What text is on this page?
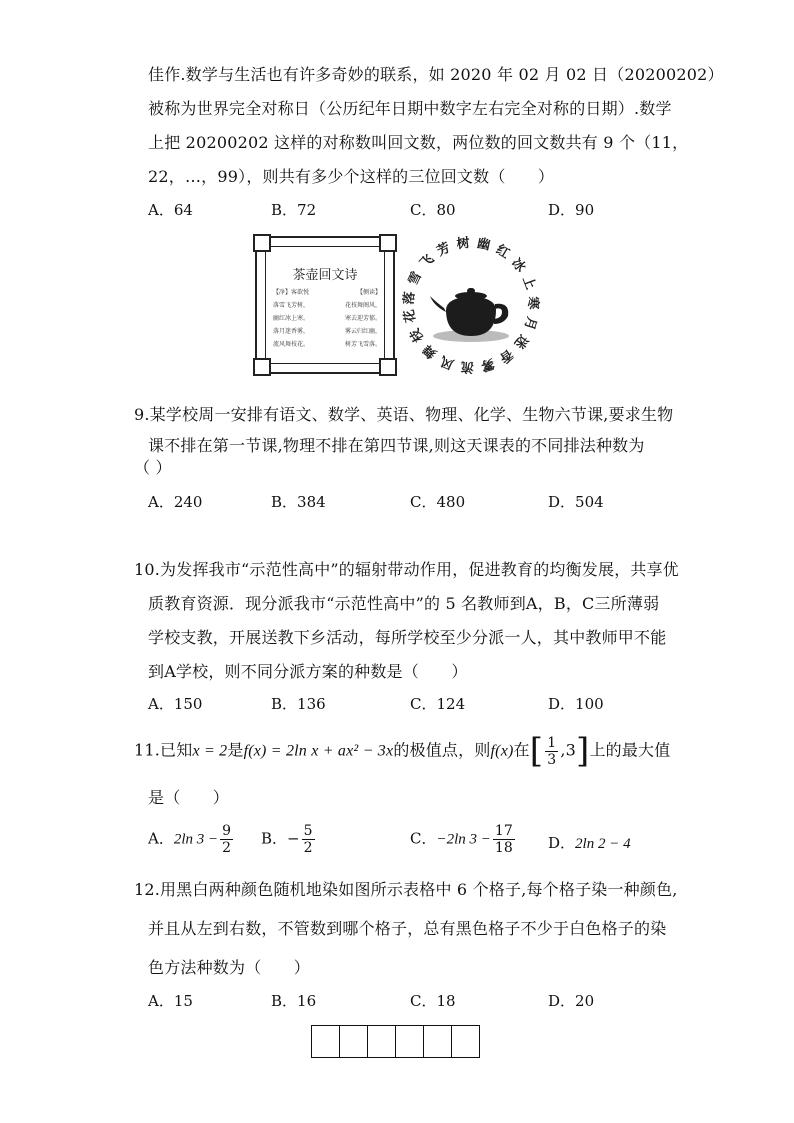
佳作.数学与生活也有许多奇妙的联系，如 2020 年 02 月 02 日（20200202）
被称为世界完全对称日（公历纪年日期中数字左右完全对称的日期）.数学
上把 20200202 这样的对称数叫回文数，两位数的回文数共有 9 个（11，
22，…，99），则共有多少个这样的三位回文数（　　）
A．64	B．72	C．80	D．90
茶壶回文诗
【净】客欲悦	【侧读】
落雪飞芳树，	花枝舞阁风，
幽红冰上寒。	寒去迎芳郁。
落月迷香雾，	雾云归红幽，
流风舞枝花。	树芳飞雪落。
落雪飞芳树幽红冰上寒月迷香雾流风舞枝花
9.某学校周一安排有语文、数学、英语、物理、化学、生物六节课,要求生物
课不排在第一节课,物理不排在第四节课,则这天课表的不同排法种数为
（ ）
A．240	B．384	C．480	D．504
10.为发挥我市“示范性高中”的辐射带动作用，促进教育的均衡发展，共享优
质教育资源．现分派我市“示范性高中”的 5 名教师到A，B，C三所薄弱
学校支教，开展送教下乡活动，每所学校至少分派一人，其中教师甲不能
到A学校，则不同分派方案的种数是（　　）
A．150	B．136	C．124	D．100
11.已知x = 2是f(x) = 2ln x + ax² − 3x的极值点，则f(x)在[ $\frac{1}{3} ,3$]上的最大值
是（　　）
A．2ln $3 - \frac{9}{2}$ B．− $\frac{5}{2}$	C．−2ln $3 - \frac{17}{18}$ D．2ln 2 − 4
12.用黑白两种颜色随机地染如图所示表格中 6 个格子,每个格子染一种颜色,
并且从左到右数，不管数到哪个格子，总有黑色格子不少于白色格子的染
色方法种数为（　　）
A．15	B．16	C．18	D．20
